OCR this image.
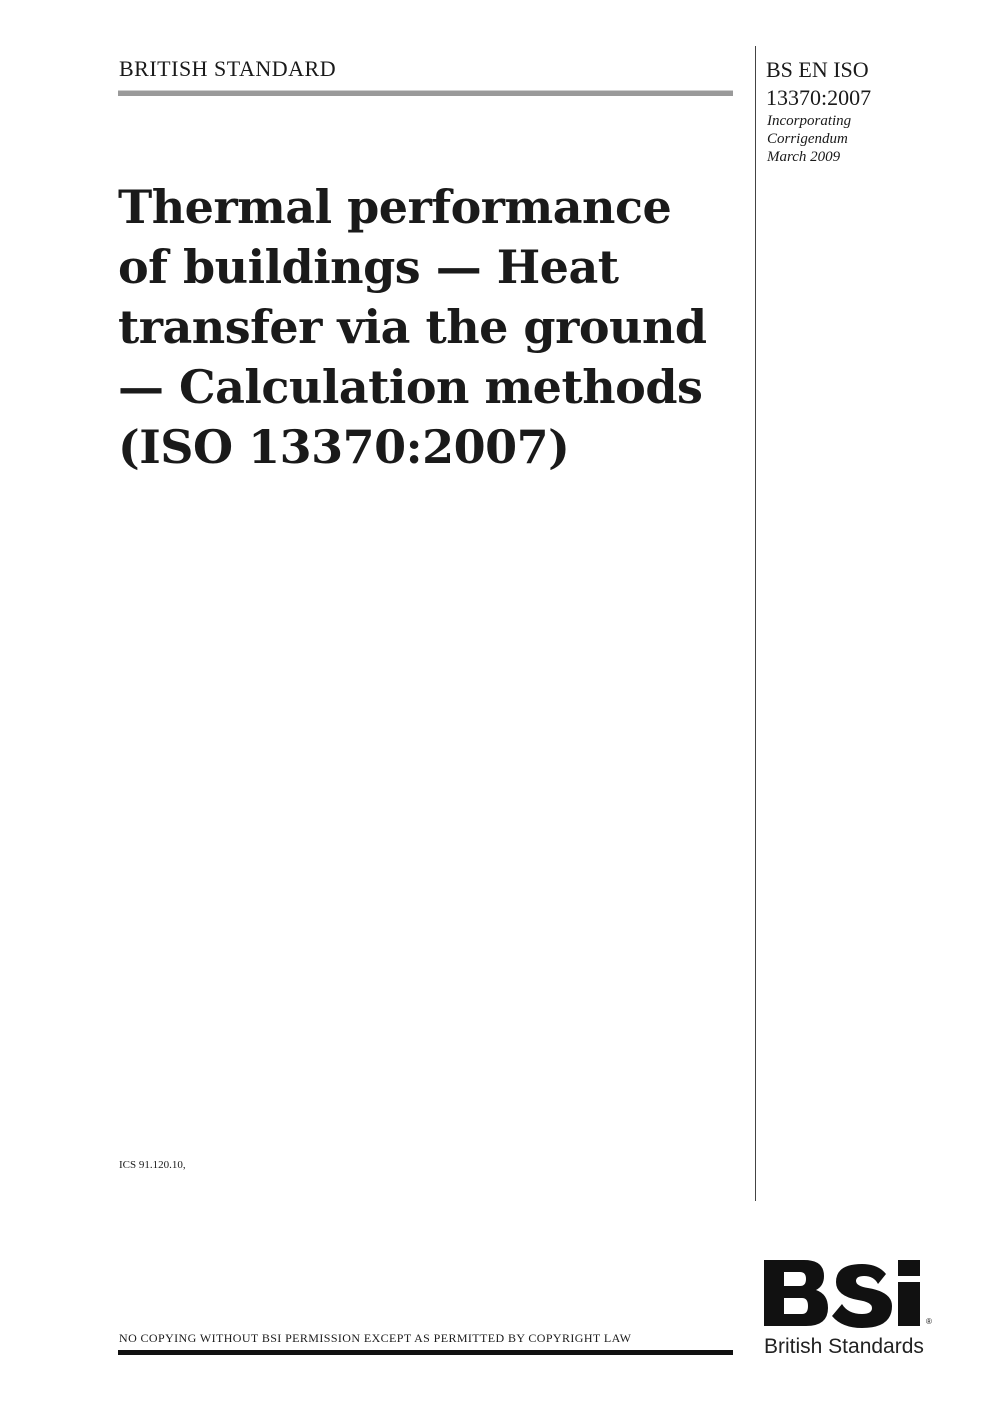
BRITISH STANDARD	BS EN ISO
13370:2007
Incorporating
Corrigendum
March 2009
Thermal performance
of buildings — Heat
transfer via the ground
— Calculation methods
(ISO 13370:2007)
ICS 91.120.10,
NO COPYING WITHOUT BSI PERMISSION EXCEPT AS PERMITTED BY COPYRIGHT LAW
®
British Standards
